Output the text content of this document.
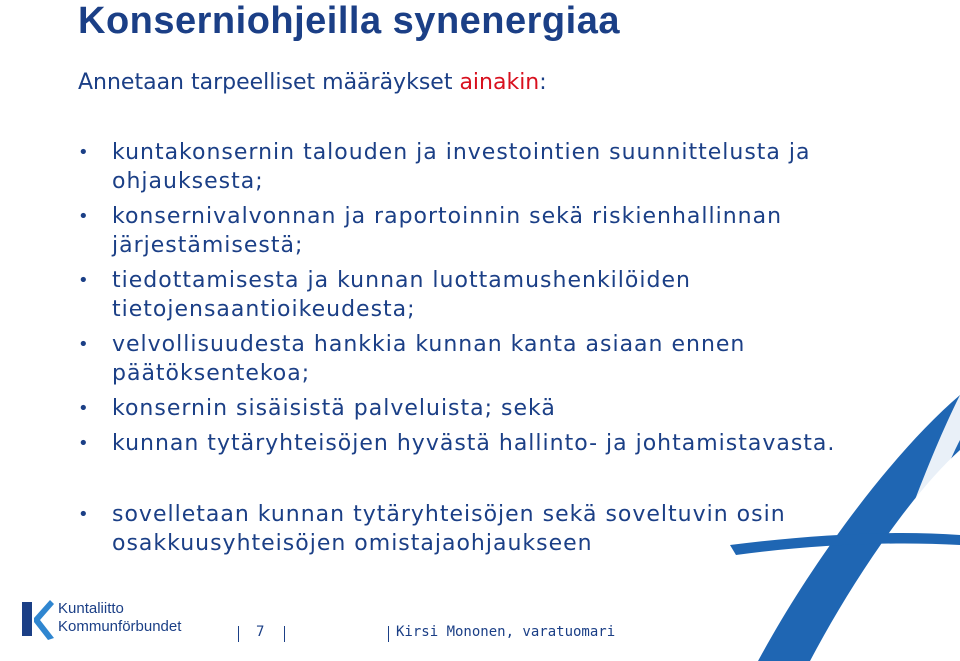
Konserniohjeilla synenergiaa
Annetaan tarpeelliset määräykset ainakin:
• kuntakonsernin talouden ja investointien suunnittelusta ja ohjauksesta;
• konsernivalvonnan ja raportoinnin sekä riskienhallinnan järjestämisestä;
• tiedottamisesta ja kunnan luottamushenkilöiden tietojensaantioikeudesta;
• velvollisuudesta hankkia kunnan kanta asiaan ennen päätöksentekoa;
• konsernin sisäisistä palveluista; sekä
• kunnan tytäryhteisöjen hyvästä hallinto- ja johtamistavasta.
• sovelletaan kunnan tytäryhteisöjen sekä soveltuvin osin osakkuusyhteisöjen omistajaohjaukseen
Kuntaliitto
Kommunförbundet	7	Kirsi Mononen, varatuomari
